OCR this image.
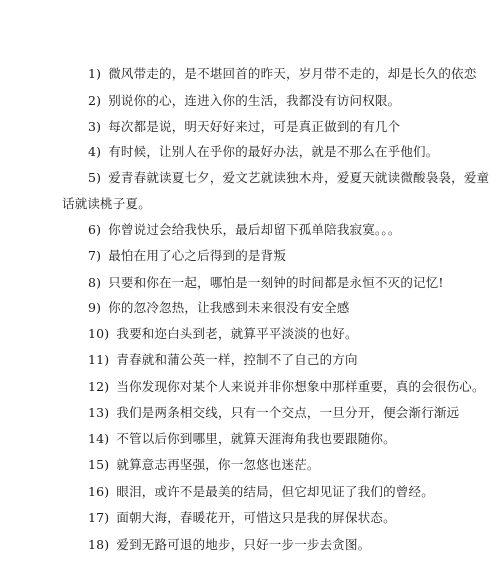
1) 微风带走的，是不堪回首的昨天，岁月带不走的，却是长久的依恋
2) 别说你的心，连进入你的生活，我都没有访问权限。
3) 每次都是说，明天好好来过，可是真正做到的有几个
4) 有时候，让别人在乎你的最好办法，就是不那么在乎他们。
5) 爱青春就读夏七夕，爱文艺就读独木舟，爱夏天就读微酸袅袅，爱童
话就读桃子夏。
6) 你曾说过会给我快乐，最后却留下孤单陪我寂寞。。。
7) 最怕在用了心之后得到的是背叛
8) 只要和你在一起，哪怕是一刻钟的时间都是永恒不灭的记忆!
9) 你的忽冷忽热，让我感到未来很没有安全感
10) 我要和迩白头到老，就算平平淡淡的也好。
11) 青春就和蒲公英一样，控制不了自己的方向
12) 当你发现你对某个人来说并非你想象中那样重要，真的会很伤心。
13) 我们是两条相交线，只有一个交点，一旦分开，便会渐行渐远
14) 不管以后你到哪里，就算天涯海角我也要跟随你。
15) 就算意志再坚强，你一忽悠也迷茫。
16) 眼泪，或许不是最美的结局，但它却见证了我们的曾经。
17) 面朝大海，春暖花开，可惜这只是我的屏保状态。
18) 爱到无路可退的地步，只好一步一步去贪图。
